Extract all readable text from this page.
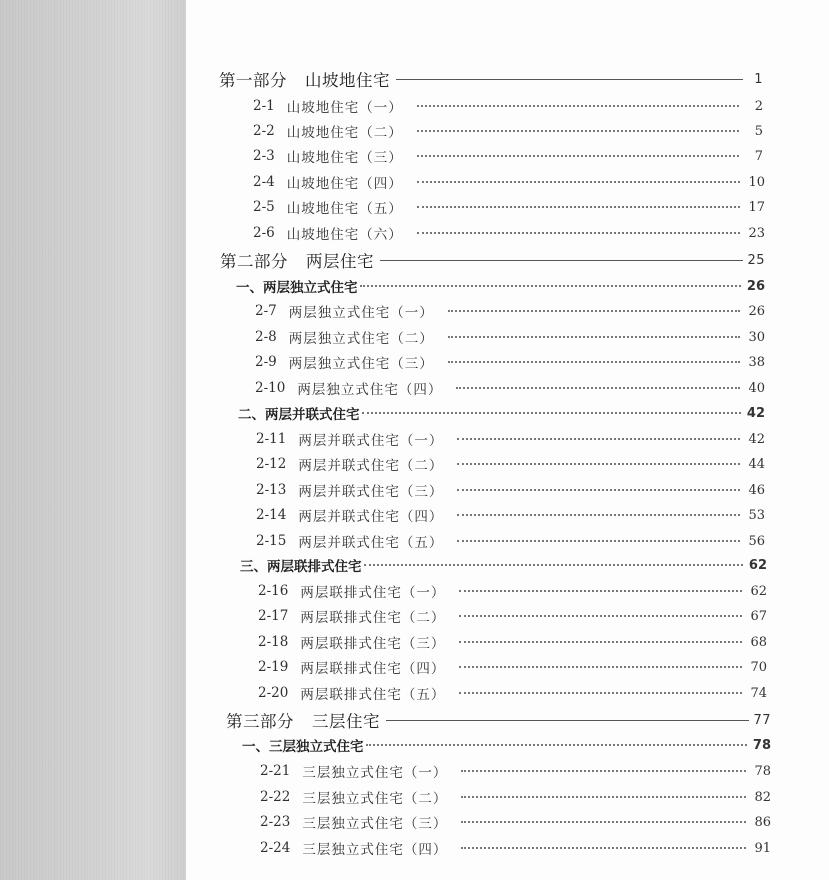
第一部分 山坡地住宅	1
2-1 山坡地住宅（一）	2
2-2 山坡地住宅（二）	5
2-3 山坡地住宅（三）	7
2-4 山坡地住宅（四）	10
2-5 山坡地住宅（五）	17
2-6 山坡地住宅（六）	23
第二部分 两层住宅	25
一、两层独立式住宅	26
2-7 两层独立式住宅（一）	26
2-8 两层独立式住宅（二）	30
2-9 两层独立式住宅（三）	38
2-10 两层独立式住宅（四）	40
二、两层并联式住宅	42
2-11 两层并联式住宅（一）	42
2-12 两层并联式住宅（二）	44
2-13 两层并联式住宅（三）	46
2-14 两层并联式住宅（四）	53
2-15 两层并联式住宅（五）	56
三、两层联排式住宅	62
2-16 两层联排式住宅（一）	62
2-17 两层联排式住宅（二）	67
2-18 两层联排式住宅（三）	68
2-19 两层联排式住宅（四）	70
2-20 两层联排式住宅（五）	74
第三部分 三层住宅	77
一、三层独立式住宅	78
2-21 三层独立式住宅（一）	78
2-22 三层独立式住宅（二）	82
2-23 三层独立式住宅（三）	86
2-24 三层独立式住宅（四）	91
